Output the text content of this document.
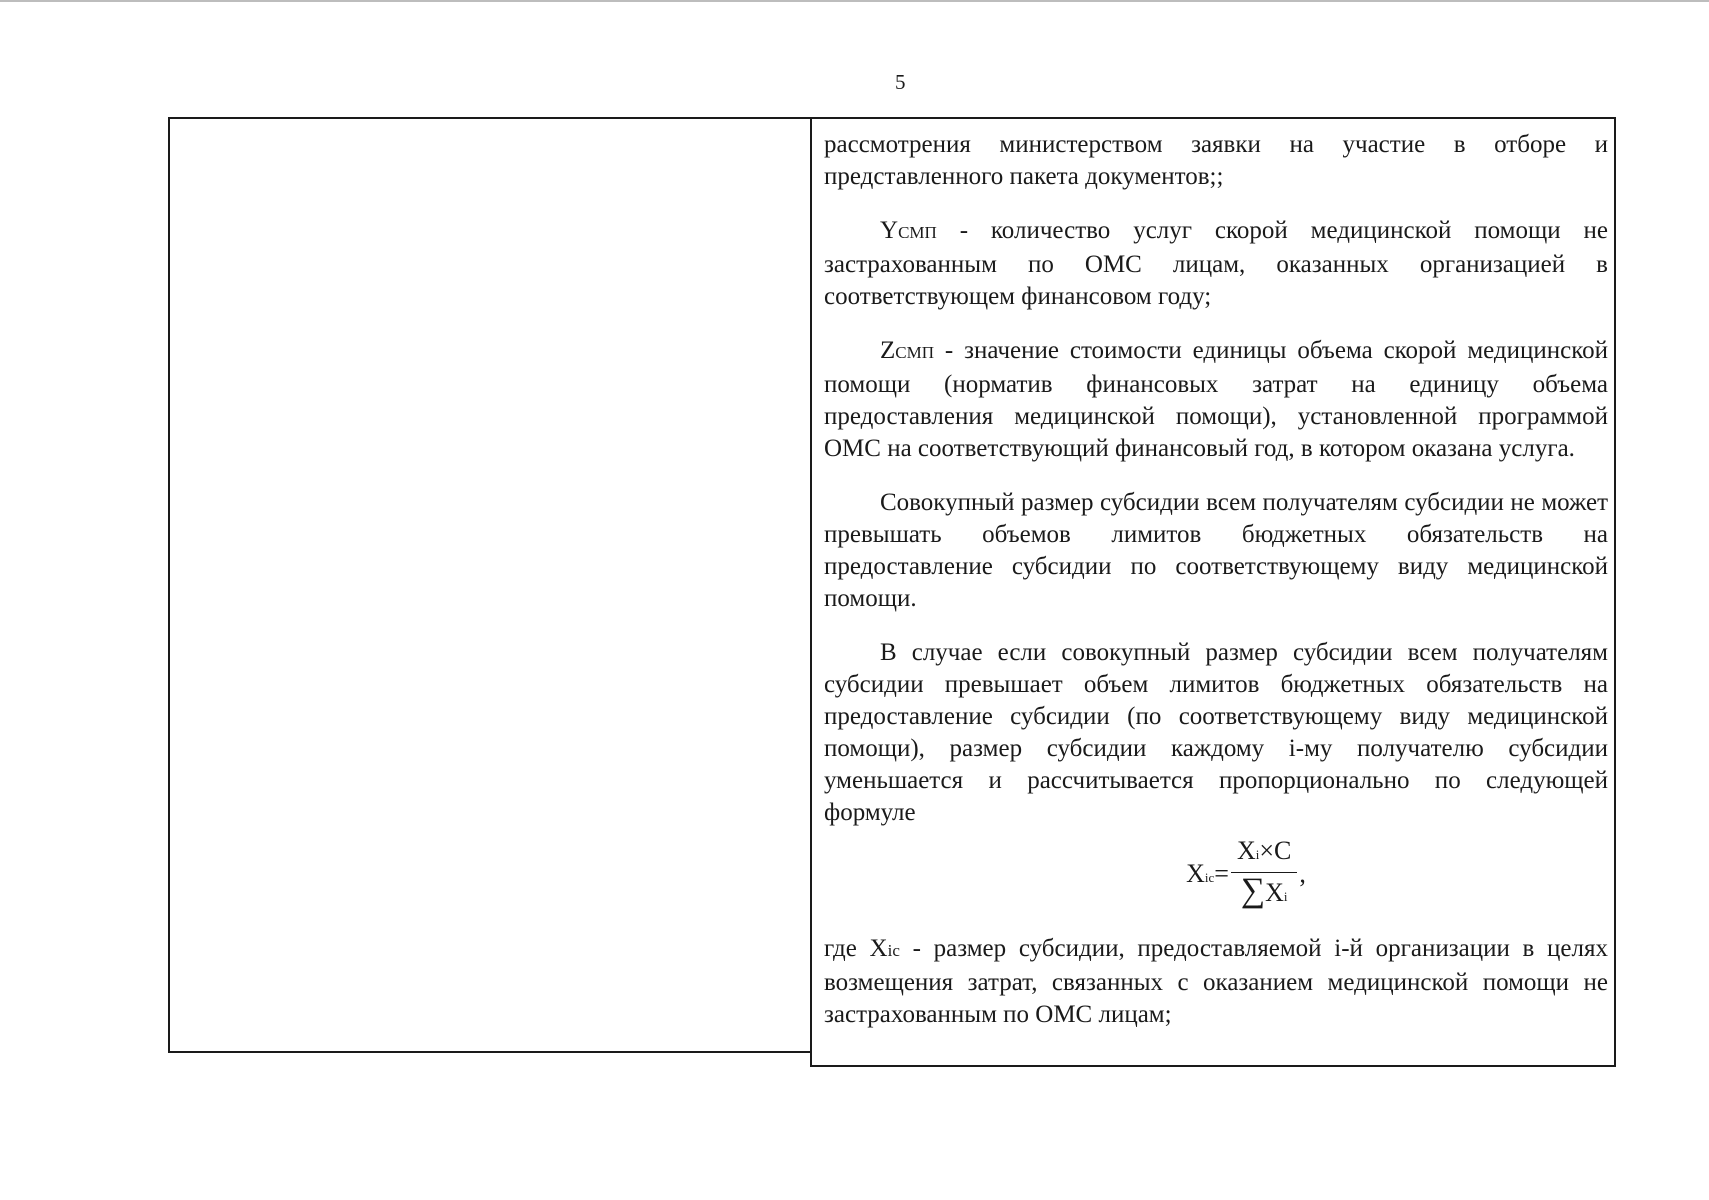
5

рассмотрения министерством заявки на участие в отборе и представленного пакета документов;;

YСМП - количество услуг скорой медицинской помощи не застрахованным по ОМС лицам, оказанных организацией в соответствующем финансовом году;

ZСМП - значение стоимости единицы объема скорой медицинской помощи (норматив финансовых затрат на единицу объема предоставления медицинской помощи), установленной программой ОМС на соответствующий финансовый год, в котором оказана услуга.

Совокупный размер субсидии всем получателям субсидии не может превышать объемов лимитов бюджетных обязательств на предоставление субсидии по соответствующему виду медицинской помощи.

В случае если совокупный размер субсидии всем получателям субсидии превышает объем лимитов бюджетных обязательств на предоставление субсидии (по соответствующему виду медицинской помощи), размер субсидии каждому i-му получателю субсидии уменьшается и рассчитывается пропорционально по следующей формуле

X ic = $\frac{Xi\times C}{\sum Xi}$ ,

где Xic - размер субсидии, предоставляемой i-й организации в целях возмещения затрат, связанных с оказанием медицинской помощи не застрахованным по ОМС лицам;
